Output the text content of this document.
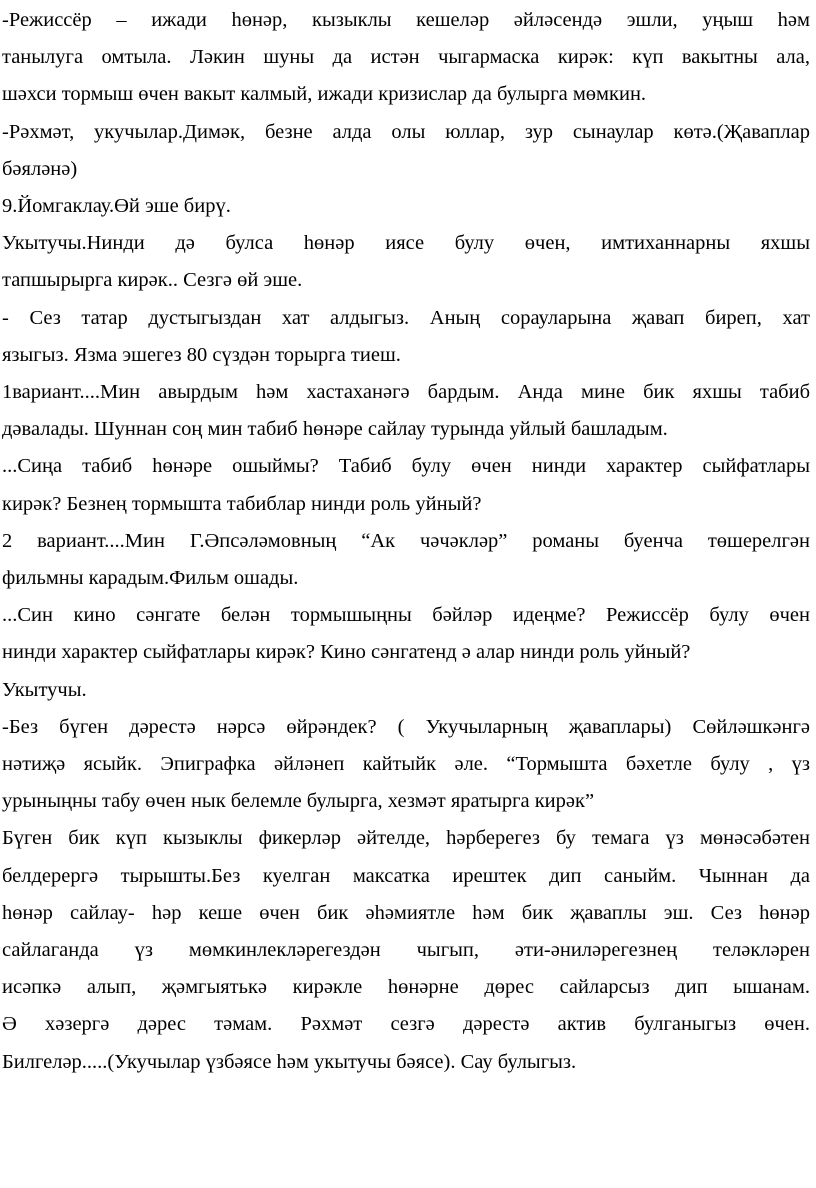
-Режиссёр – ижади һөнәр, кызыклы кешеләр әйләсендә эшли, уңыш һәм
танылуга омтыла. Ләкин шуны да истән чыгармаска кирәк: күп вакытны ала,
шәхси тормыш өчен вакыт калмый, ижади кризислар да булырга мөмкин.
-Рәхмәт, укучылар.Димәк, безне алда олы юллар, зур сынаулар көтә.(Җаваплар
бәяләнә)
9.Йомгаклау.Өй эше бирү.
Укытучы.Нинди дә булса һөнәр иясе булу өчен, имтиханнарны яхшы
тапшырырга кирәк.. Сезгә өй эше.
- Сез татар дустыгыздан хат алдыгыз. Аның сорауларына җавап биреп, хат
языгыз. Язма эшегез 80 сүздән торырга тиеш.
1вариант....Мин авырдым һәм хастаханәгә бардым. Анда мине бик яхшы табиб
дәвалады. Шуннан соң мин табиб һөнәре сайлау турында уйлый башладым.
...Сиңа табиб һөнәре ошыймы? Табиб булу өчен нинди характер сыйфатлары
кирәк? Безнең тормышта табиблар нинди роль уйный?
2 вариант....Мин Г.Әпсәләмовның “Ак чәчәкләр” романы буенча төшерелгән
фильмны карадым.Фильм ошады.
...Син кино сәнгате белән тормышыңны бәйләр идеңме? Режиссёр булу өчен
нинди характер сыйфатлары кирәк? Кино сәнгатенд ә алар нинди роль уйный?
Укытучы.
-Без бүген дәрестә нәрсә өйрәндек? ( Укучыларның җаваплары) Сөйләшкәнгә
нәтиҗә ясыйк. Эпиграфка әйләнеп кайтыйк әле. “Тормышта бәхетле булу , үз
урыныңны табу өчен нык белемле булырга, хезмәт яратырга кирәк”
Бүген бик күп кызыклы фикерләр әйтелде, һәрберегез бу темага үз мөнәсәбәтен
белдерергә тырышты.Без куелган максатка ирештек дип саныйм. Чыннан да
һөнәр сайлау- һәр кеше өчен бик әһәмиятле һәм бик җаваплы эш. Сез һөнәр
сайлаганда үз мөмкинлекләрегездән чыгып, әти-әниләрегезнең теләкләрен
исәпкә алып, җәмгыятькә кирәкле һөнәрне дөрес сайларсыз дип ышанам.
Ә хәзергә дәрес тәмам. Рәхмәт сезгә дәрестә актив булганыгыз өчен.
Билгеләр.....(Укучылар үзбәясе һәм укытучы бәясе). Сау булыгыз.
